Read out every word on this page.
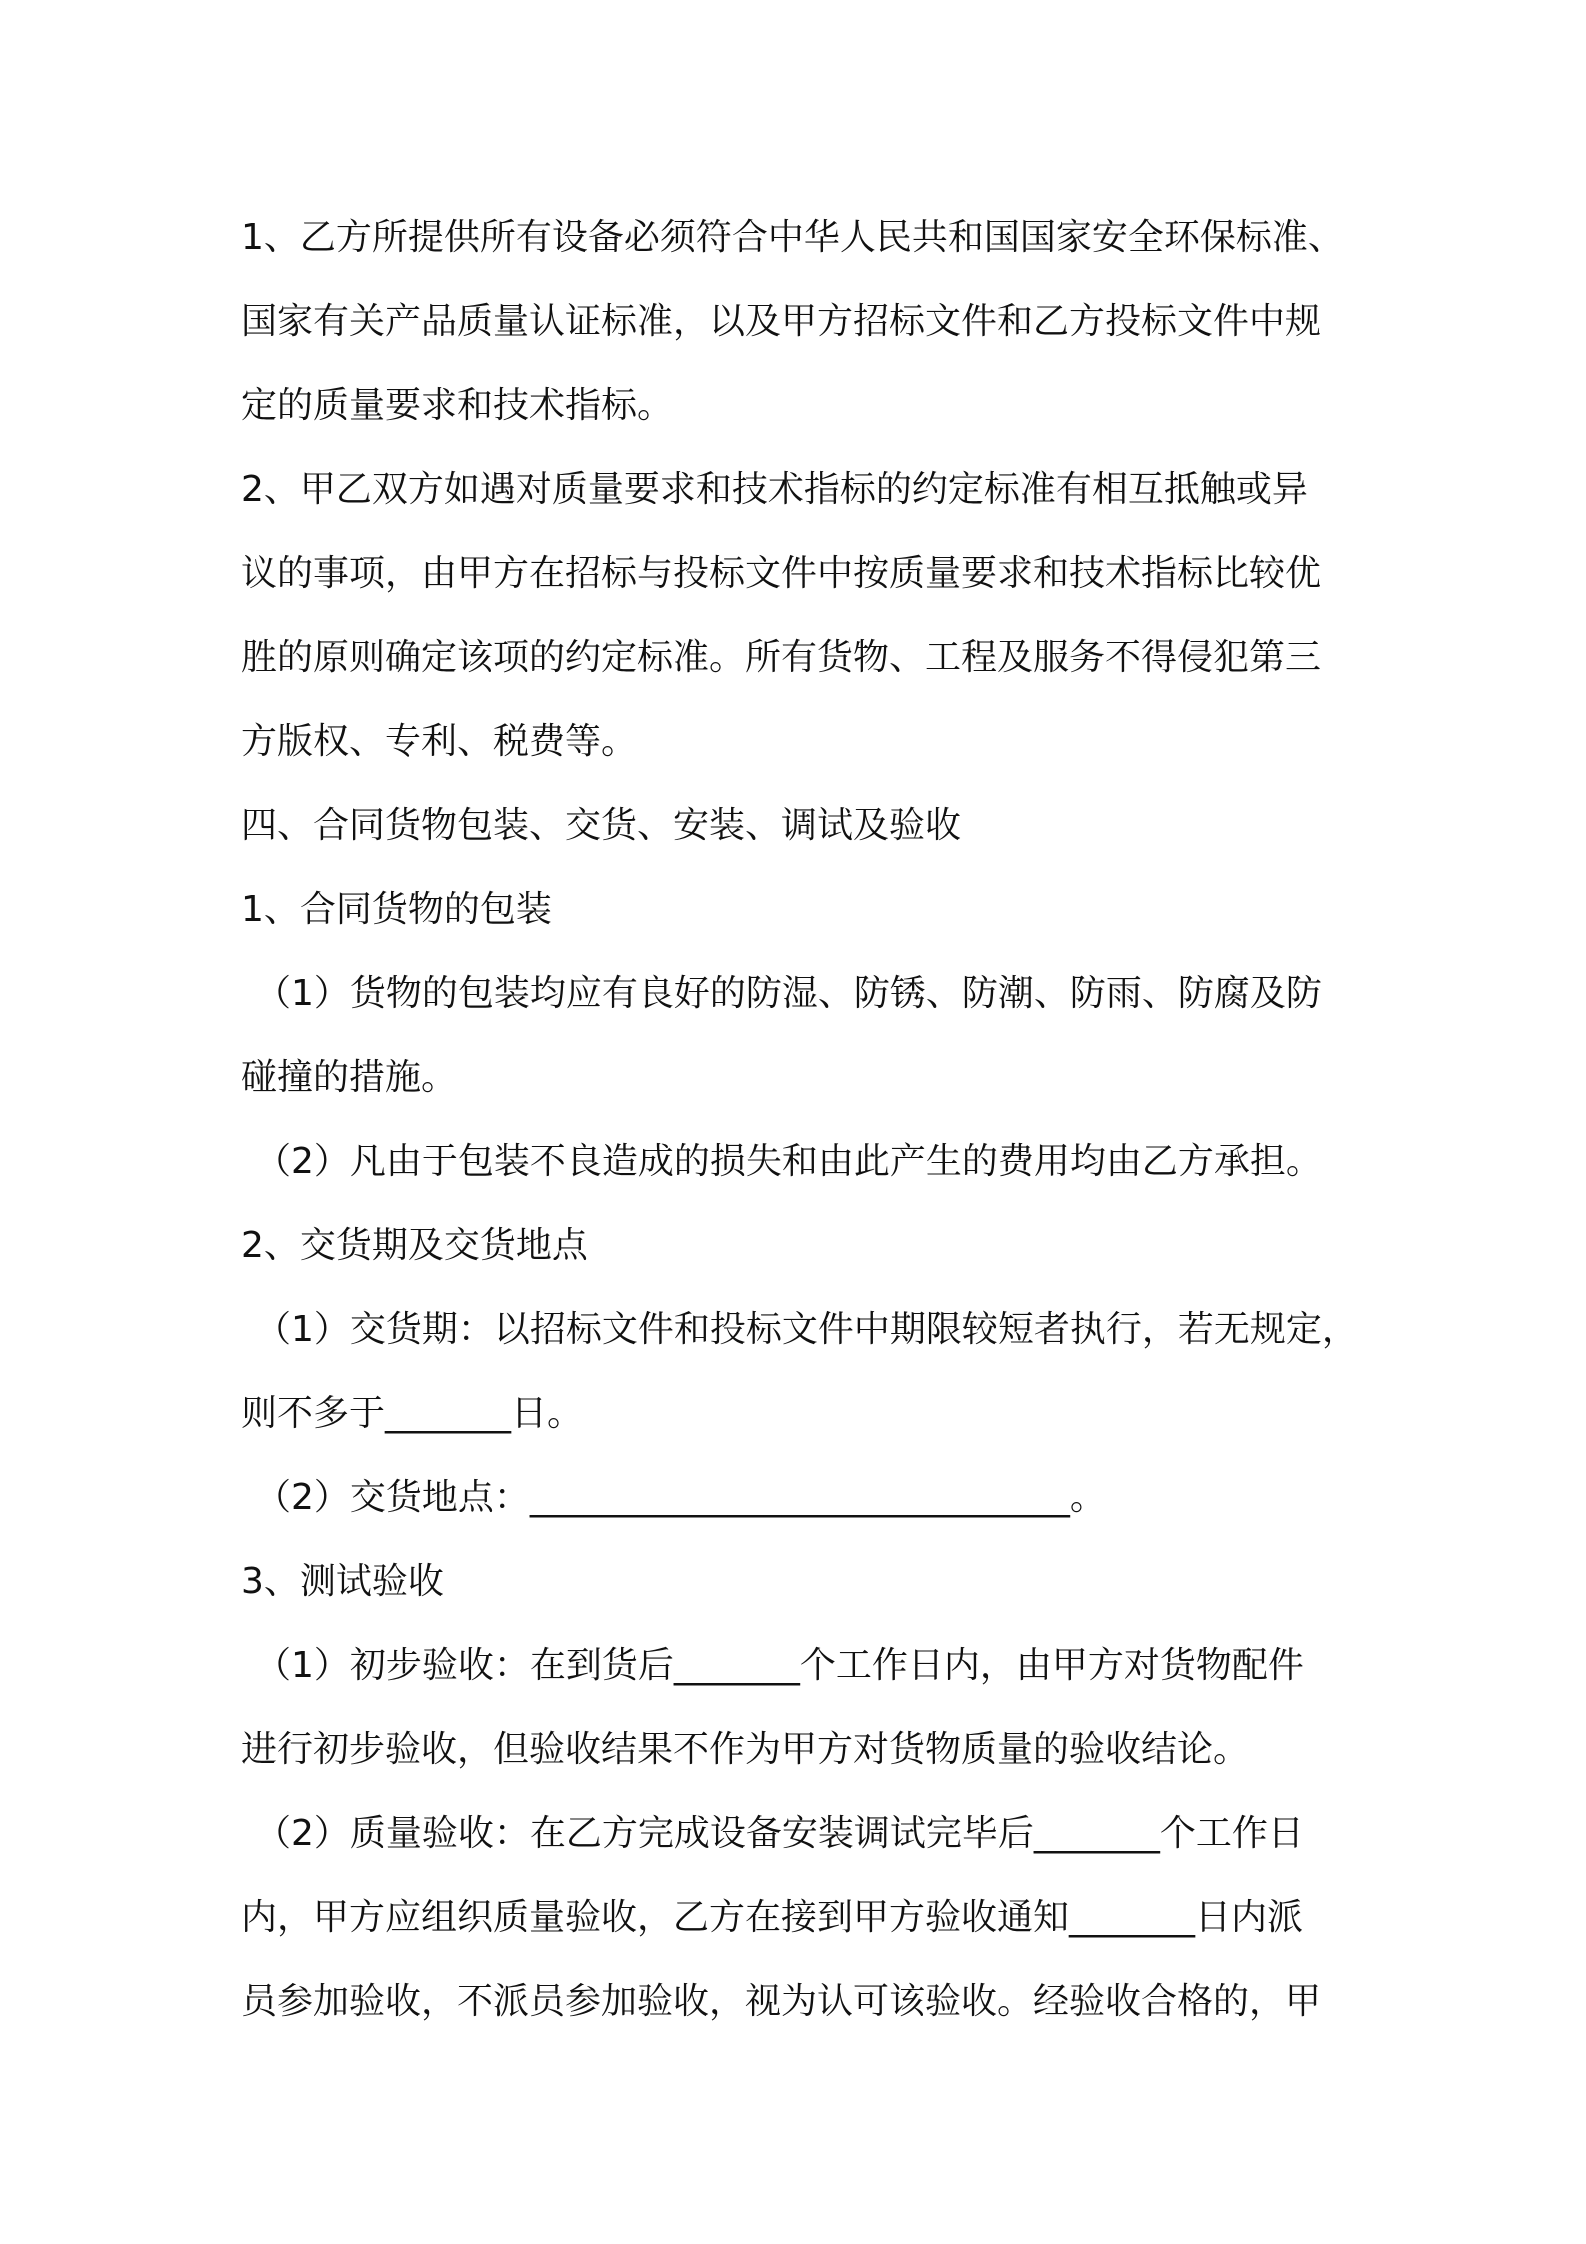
1、乙方所提供所有设备必须符合中华人民共和国国家安全环保标准、
国家有关产品质量认证标准，以及甲方招标文件和乙方投标文件中规
定的质量要求和技术指标。
2、甲乙双方如遇对质量要求和技术指标的约定标准有相互抵触或异
议的事项，由甲方在招标与投标文件中按质量要求和技术指标比较优
胜的原则确定该项的约定标准。所有货物、工程及服务不得侵犯第三
方版权、专利、税费等。
四、合同货物包装、交货、安装、调试及验收
1、合同货物的包装
（1）货物的包装均应有良好的防湿、防锈、防潮、防雨、防腐及防
碰撞的措施。
（2）凡由于包装不良造成的损失和由此产生的费用均由乙方承担。
2、交货期及交货地点
（1）交货期：以招标文件和投标文件中期限较短者执行，若无规定，
则不多于_______日。
（2）交货地点：______________________________。
3、测试验收
（1）初步验收：在到货后_______个工作日内，由甲方对货物配件
进行初步验收，但验收结果不作为甲方对货物质量的验收结论。
（2）质量验收：在乙方完成设备安装调试完毕后_______个工作日
内，甲方应组织质量验收，乙方在接到甲方验收通知_______日内派
员参加验收，不派员参加验收，视为认可该验收。经验收合格的，甲
